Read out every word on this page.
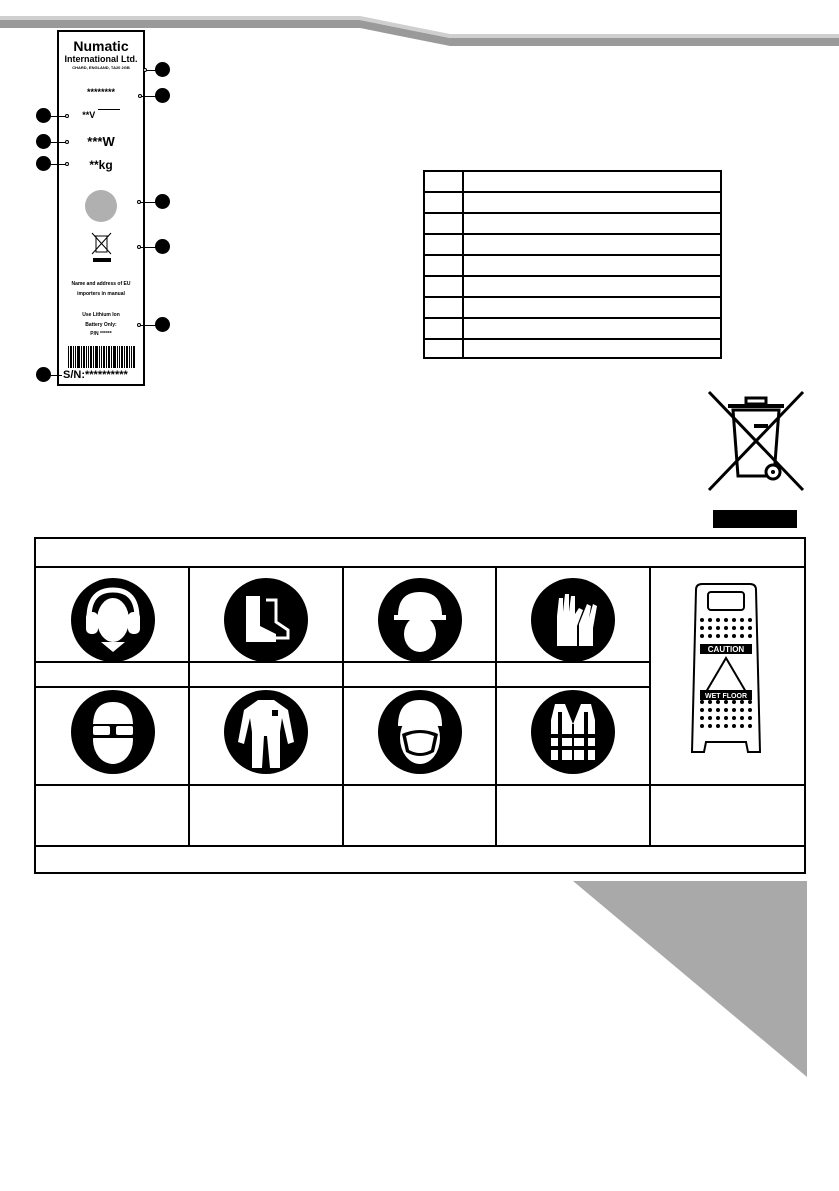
Numatic
International Ltd.
CHARD, ENGLAND, TA20 2GB
********
**V
***W
**kg
Name and address of EU
importers in manual
Use Lithium Ion
Battery Only:
P/N ******
S/N:**********
CAUTION
WET FLOOR
